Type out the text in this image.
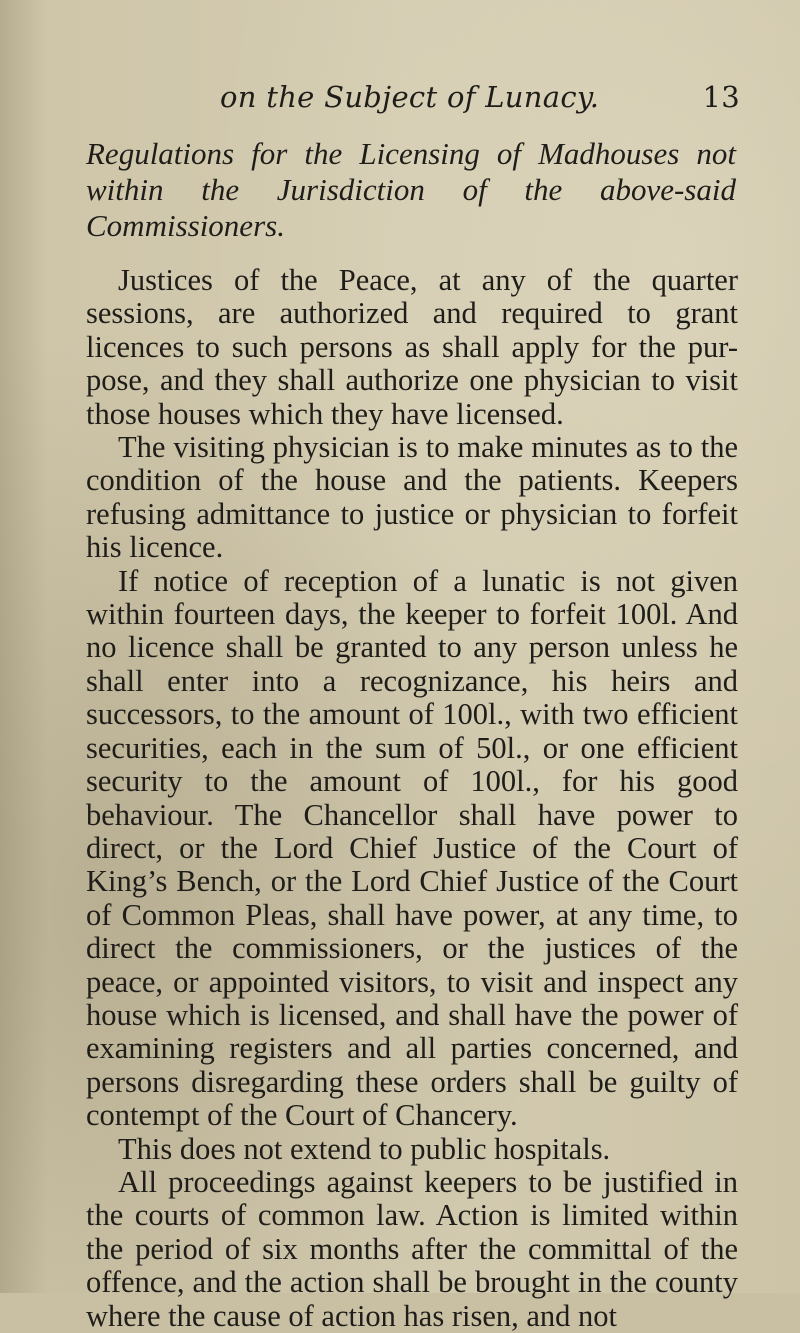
on the Subject of Lunacy.	13
Regulations for the Licensing of Madhouses not within the Jurisdiction of the above-said Commissioners.

Justices of the Peace, at any of the quarter sessions, are authorized and required to grant licences to such persons as shall apply for the pur-pose, and they shall authorize one physician to visit those houses which they have licensed.

The visiting physician is to make minutes as to the condition of the house and the patients. Keepers refusing admittance to justice or physician to forfeit his licence.

If notice of reception of a lunatic is not given within fourteen days, the keeper to forfeit 100l. And no licence shall be granted to any person unless he shall enter into a recognizance, his heirs and successors, to the amount of 100l., with two efficient securities, each in the sum of 50l., or one efficient security to the amount of 100l., for his good behaviour. The Chancellor shall have power to direct, or the Lord Chief Justice of the Court of King’s Bench, or the Lord Chief Justice of the Court of Common Pleas, shall have power, at any time, to direct the commissioners, or the justices of the peace, or appointed visitors, to visit and inspect any house which is licensed, and shall have the power of examining registers and all parties concerned, and persons disregarding these orders shall be guilty of contempt of the Court of Chancery.

This does not extend to public hospitals.

All proceedings against keepers to be justified in the courts of common law. Action is limited within the period of six months after the committal of the offence, and the action shall be brought in the county where the cause of action has risen, and not
